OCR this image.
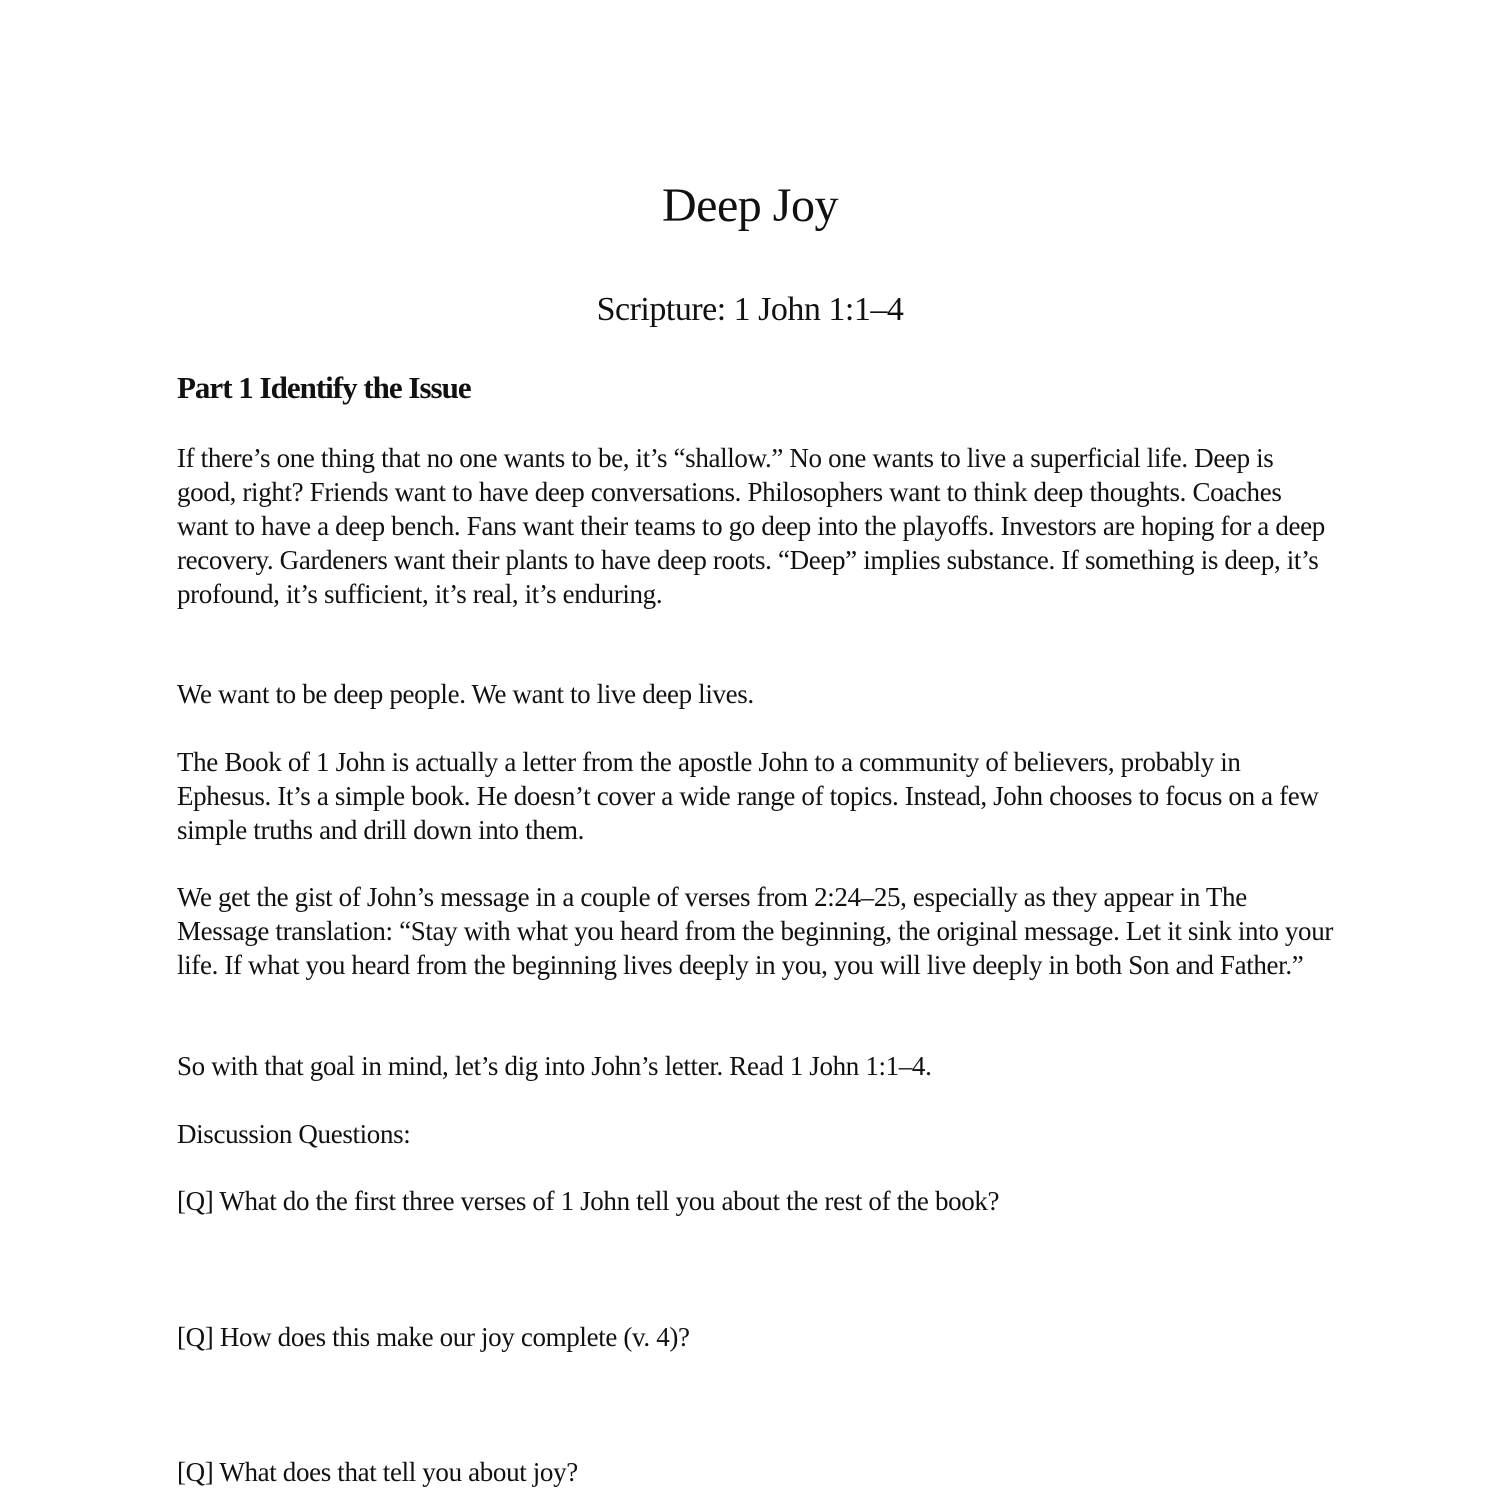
Deep Joy
Scripture: 1 John 1:1–4
Part 1 Identify the Issue

If there’s one thing that no one wants to be, it’s “shallow.” No one wants to live a superficial life. Deep is good, right? Friends want to have deep conversations. Philosophers want to think deep thoughts. Coaches want to have a deep bench. Fans want their teams to go deep into the playoffs. Investors are hoping for a deep recovery. Gardeners want their plants to have deep roots. “Deep” implies substance. If something is deep, it’s profound, it’s sufficient, it’s real, it’s enduring.

We want to be deep people. We want to live deep lives.

The Book of 1 John is actually a letter from the apostle John to a community of believers, probably in Ephesus. It’s a simple book. He doesn’t cover a wide range of topics. Instead, John chooses to focus on a few simple truths and drill down into them.

We get the gist of John’s message in a couple of verses from 2:24–25, especially as they appear in The Message translation: “Stay with what you heard from the beginning, the original message. Let it sink into your life. If what you heard from the beginning lives deeply in you, you will live deeply in both Son and Father.”

So with that goal in mind, let’s dig into John’s letter. Read 1 John 1:1–4.

Discussion Questions:

[Q] What do the first three verses of 1 John tell you about the rest of the book?

[Q] How does this make our joy complete (v. 4)?

[Q] What does that tell you about joy?
